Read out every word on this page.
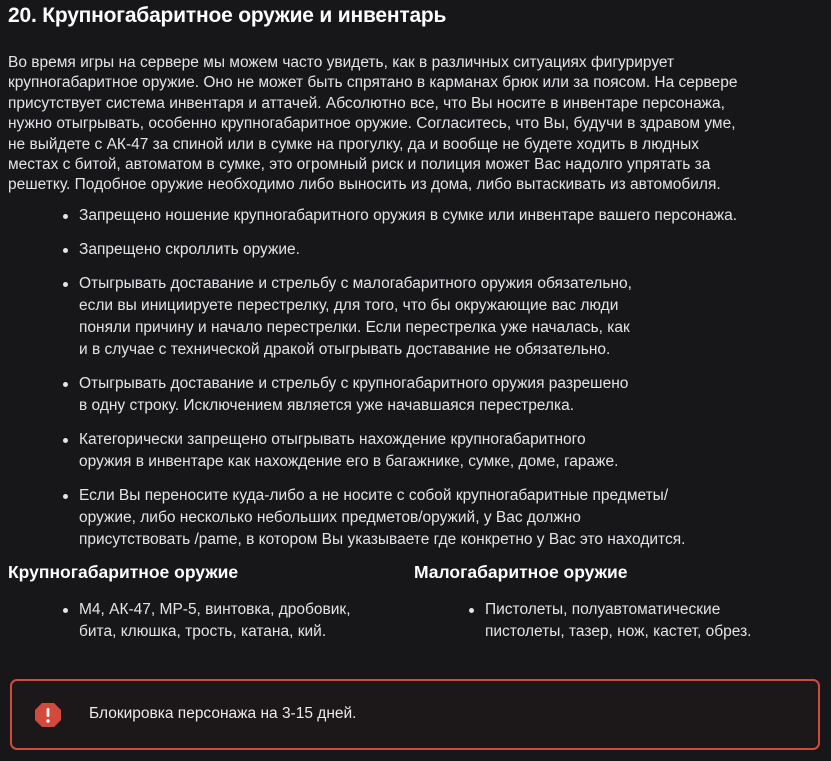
20. Крупногабаритное оружие и инвентарь

Во время игры на сервере мы можем часто увидеть, как в различных ситуациях фигурирует
крупногабаритное оружие. Оно не может быть спрятано в карманах брюк или за поясом. На сервере
присутствует система инвентаря и аттачей. Абсолютно все, что Вы носите в инвентаре персонажа,
нужно отыгрывать, особенно крупногабаритное оружие. Согласитесь, что Вы, будучи в здравом уме,
не выйдете с АК-47 за спиной или в сумке на прогулку, да и вообще не будете ходить в людных
местах с битой, автоматом в сумке, это огромный риск и полиция может Вас надолго упрятать за
решетку. Подобное оружие необходимо либо выносить из дома, либо вытаскивать из автомобиля.

Запрещено ношение крупногабаритного оружия в сумке или инвентаре вашего персонажа.
Запрещено скроллить оружие.
Отыгрывать доставание и стрельбу с малогабаритного оружия обязательно,
если вы инициируете перестрелку, для того, что бы окружающие вас люди
поняли причину и начало перестрелки. Если перестрелка уже началась, как
и в случае с технической дракой отыгрывать доставание не обязательно.
Отыгрывать доставание и стрельбу с крупногабаритного оружия разрешено
в одну строку. Исключением является уже начавшаяся перестрелка.
Категорически запрещено отыгрывать нахождение крупногабаритного
оружия в инвентаре как нахождение его в багажнике, сумке, доме, гараже.
Если Вы переносите куда-либо а не носите с собой крупногабаритные предметы/
оружие, либо несколько небольших предметов/оружий, у Вас должно
присутствовать /pame, в котором Вы указываете где конкретно у Вас это находится.
Крупногабаритное оружие
M4, АК-47, MP-5, винтовка, дробовик,
бита, клюшка, трость, катана, кий.
Малогабаритное оружие
Пистолеты, полуавтоматические
пистолеты, тазер, нож, кастет, обрез.
Блокировка персонажа на 3-15 дней.
